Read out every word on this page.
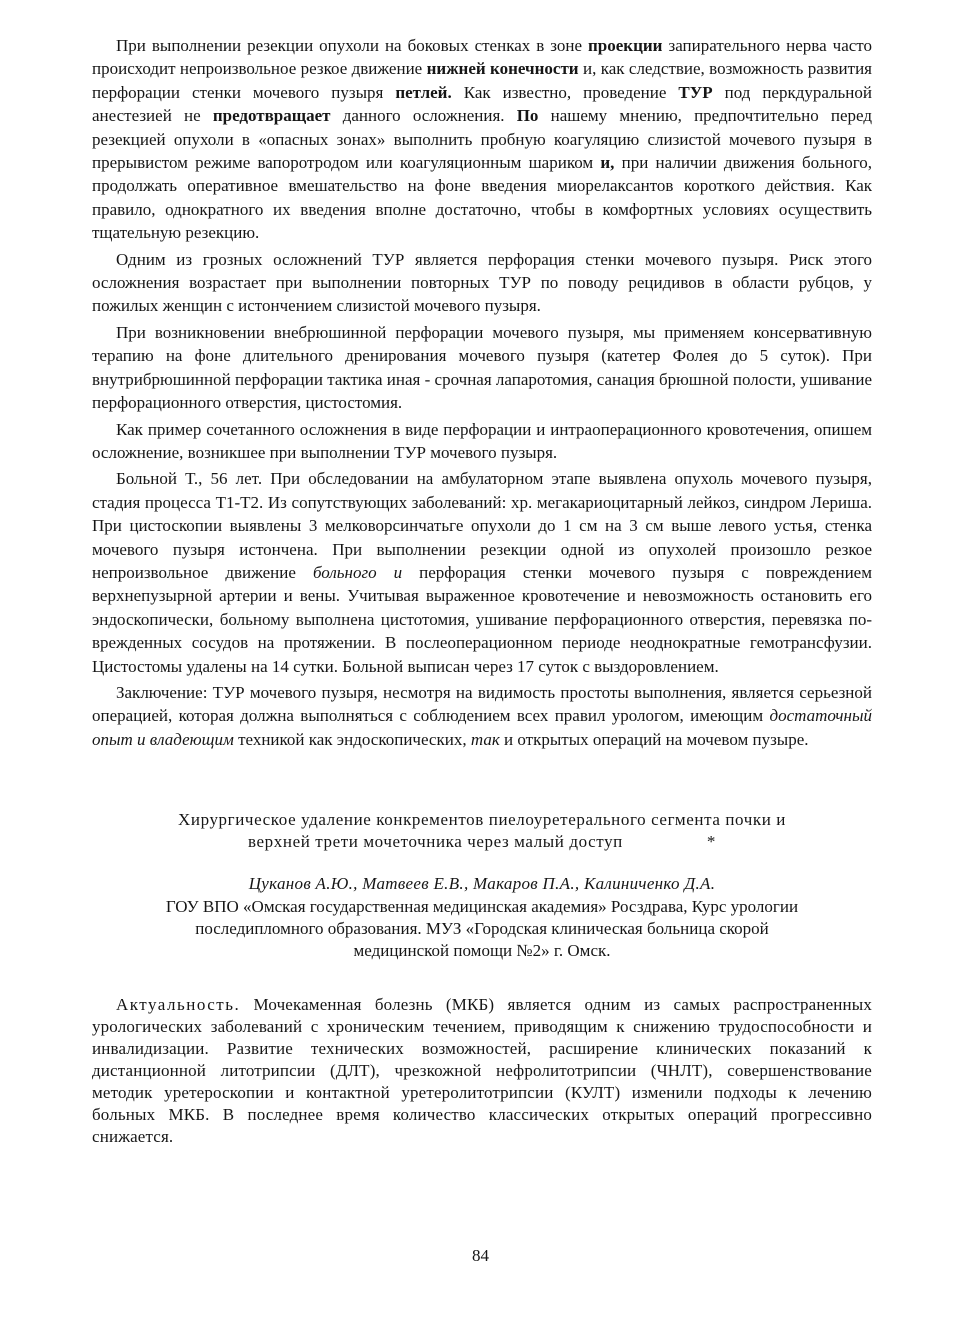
При выполнении резекции опухоли на боковых стенках в зоне проекции запирательного нерва часто происходит непроизвольное резкое движение нижней конечности и, как следствие, возможность развития перфорации стенки мочевого пузыря петлей. Как известно, проведение ТУР под перкдуральной анестезией не предотвращает данного осложнения. По нашему мнению, предпочтительно перед резекцией опухоли в «опасных зонах» выполнить пробную коагуляцию слизистой мочевого пузыря в прерывистом режиме вапоротродом или коагуляционным шариком и, при наличии движения больного, продолжать оперативное вмешательство на фоне введения миорелаксантов короткого действия. Как правило, однократного их введения вполне достаточно, чтобы в комфортных условиях осуществить тщательную резекцию.

Одним из грозных осложнений ТУР является перфорация стенки мочевого пузыря. Риск этого осложнения возрастает при выполнении повторных ТУР по поводу рецидивов в области рубцов, у пожилых женщин с истончением слизистой мочевого пузыря.

При возникновении внебрюшинной перфорации мочевого пузыря, мы применяем консервативную терапию на фоне длительного дренирования мочевого пузыря (катетер Фолея до 5 суток). При внутрибрюшинной перфорации тактика иная - срочная лапаротомия, санация брюшной полости, ушивание перфорационного отверстия, цистостомия.

Как пример сочетанного осложнения в виде перфорации и интраоперационного кровотечения, опишем осложнение, возникшее при выполнении ТУР мочевого пузыря.

Больной Т., 56 лет. При обследовании на амбулаторном этапе выявлена опухоль мочевого пузыря, стадия процесса Т1-Т2. Из сопутствующих заболеваний: хр. мегакариоцитарный лейкоз, синдром Лериша. При цистоскопии выявлены 3 мелковорсинчатьге опухоли до 1 см на 3 см выше левого устья, стенка мочевого пузыря истончена. При выполнении резекции одной из опухолей произошло резкое непроизвольное движение больного и перфорация стенки мочевого пузыря с повреждением верхнепузырной артерии и вены. Учитывая выраженное кровотечение и невозможность остановить его эндоскопически, больному выполнена цистотомия, ушивание перфорационного отверстия, перевязка поврежденных сосудов на протяжении. В послеоперационном периоде неоднократные гемотрансфузии. Цистостомы удалены на 14 сутки. Больной выписан через 17 суток с выздоровлением.

Заключение: ТУР мочевого пузыря, несмотря на видимость простоты выполнения, является серьезной операцией, которая должна выполняться с соблюдением всех правил урологом, имеющим достаточный опыт и владеющим техникой как эндоскопических, так и открытых операций на мочевом пузыре.

Хирургическое удаление конкрементов пиелоуретерального сегмента почки и
верхней трети мочеточника через малый доступ	*
Цуканов А.Ю., Матвеев Е.В., Макаров П.А., Калиниченко Д.А.
ГОУ ВПО «Омская государственная медицинская академия» Росздрава, Курс урологии
последипломного образования. МУЗ «Городская клиническая больница скорой
медицинской помощи №2» г. Омск.

Актуальность. Мочекаменная болезнь (МКБ) является одним из самых распространенных урологических заболеваний с хроническим течением, приводящим к снижению трудоспособности и инвалидизации. Развитие технических возможностей, расширение клинических показаний к дистанционной литотрипсии (ДЛТ), чрезкожной нефролитотрипсии (ЧНЛТ), совершенствование методик уретероскопии и контактной уретеролитотрипсии (КУЛТ) изменили подходы к лечению больных МКБ. В последнее время количество классических открытых операций прогрессивно снижается.

84
